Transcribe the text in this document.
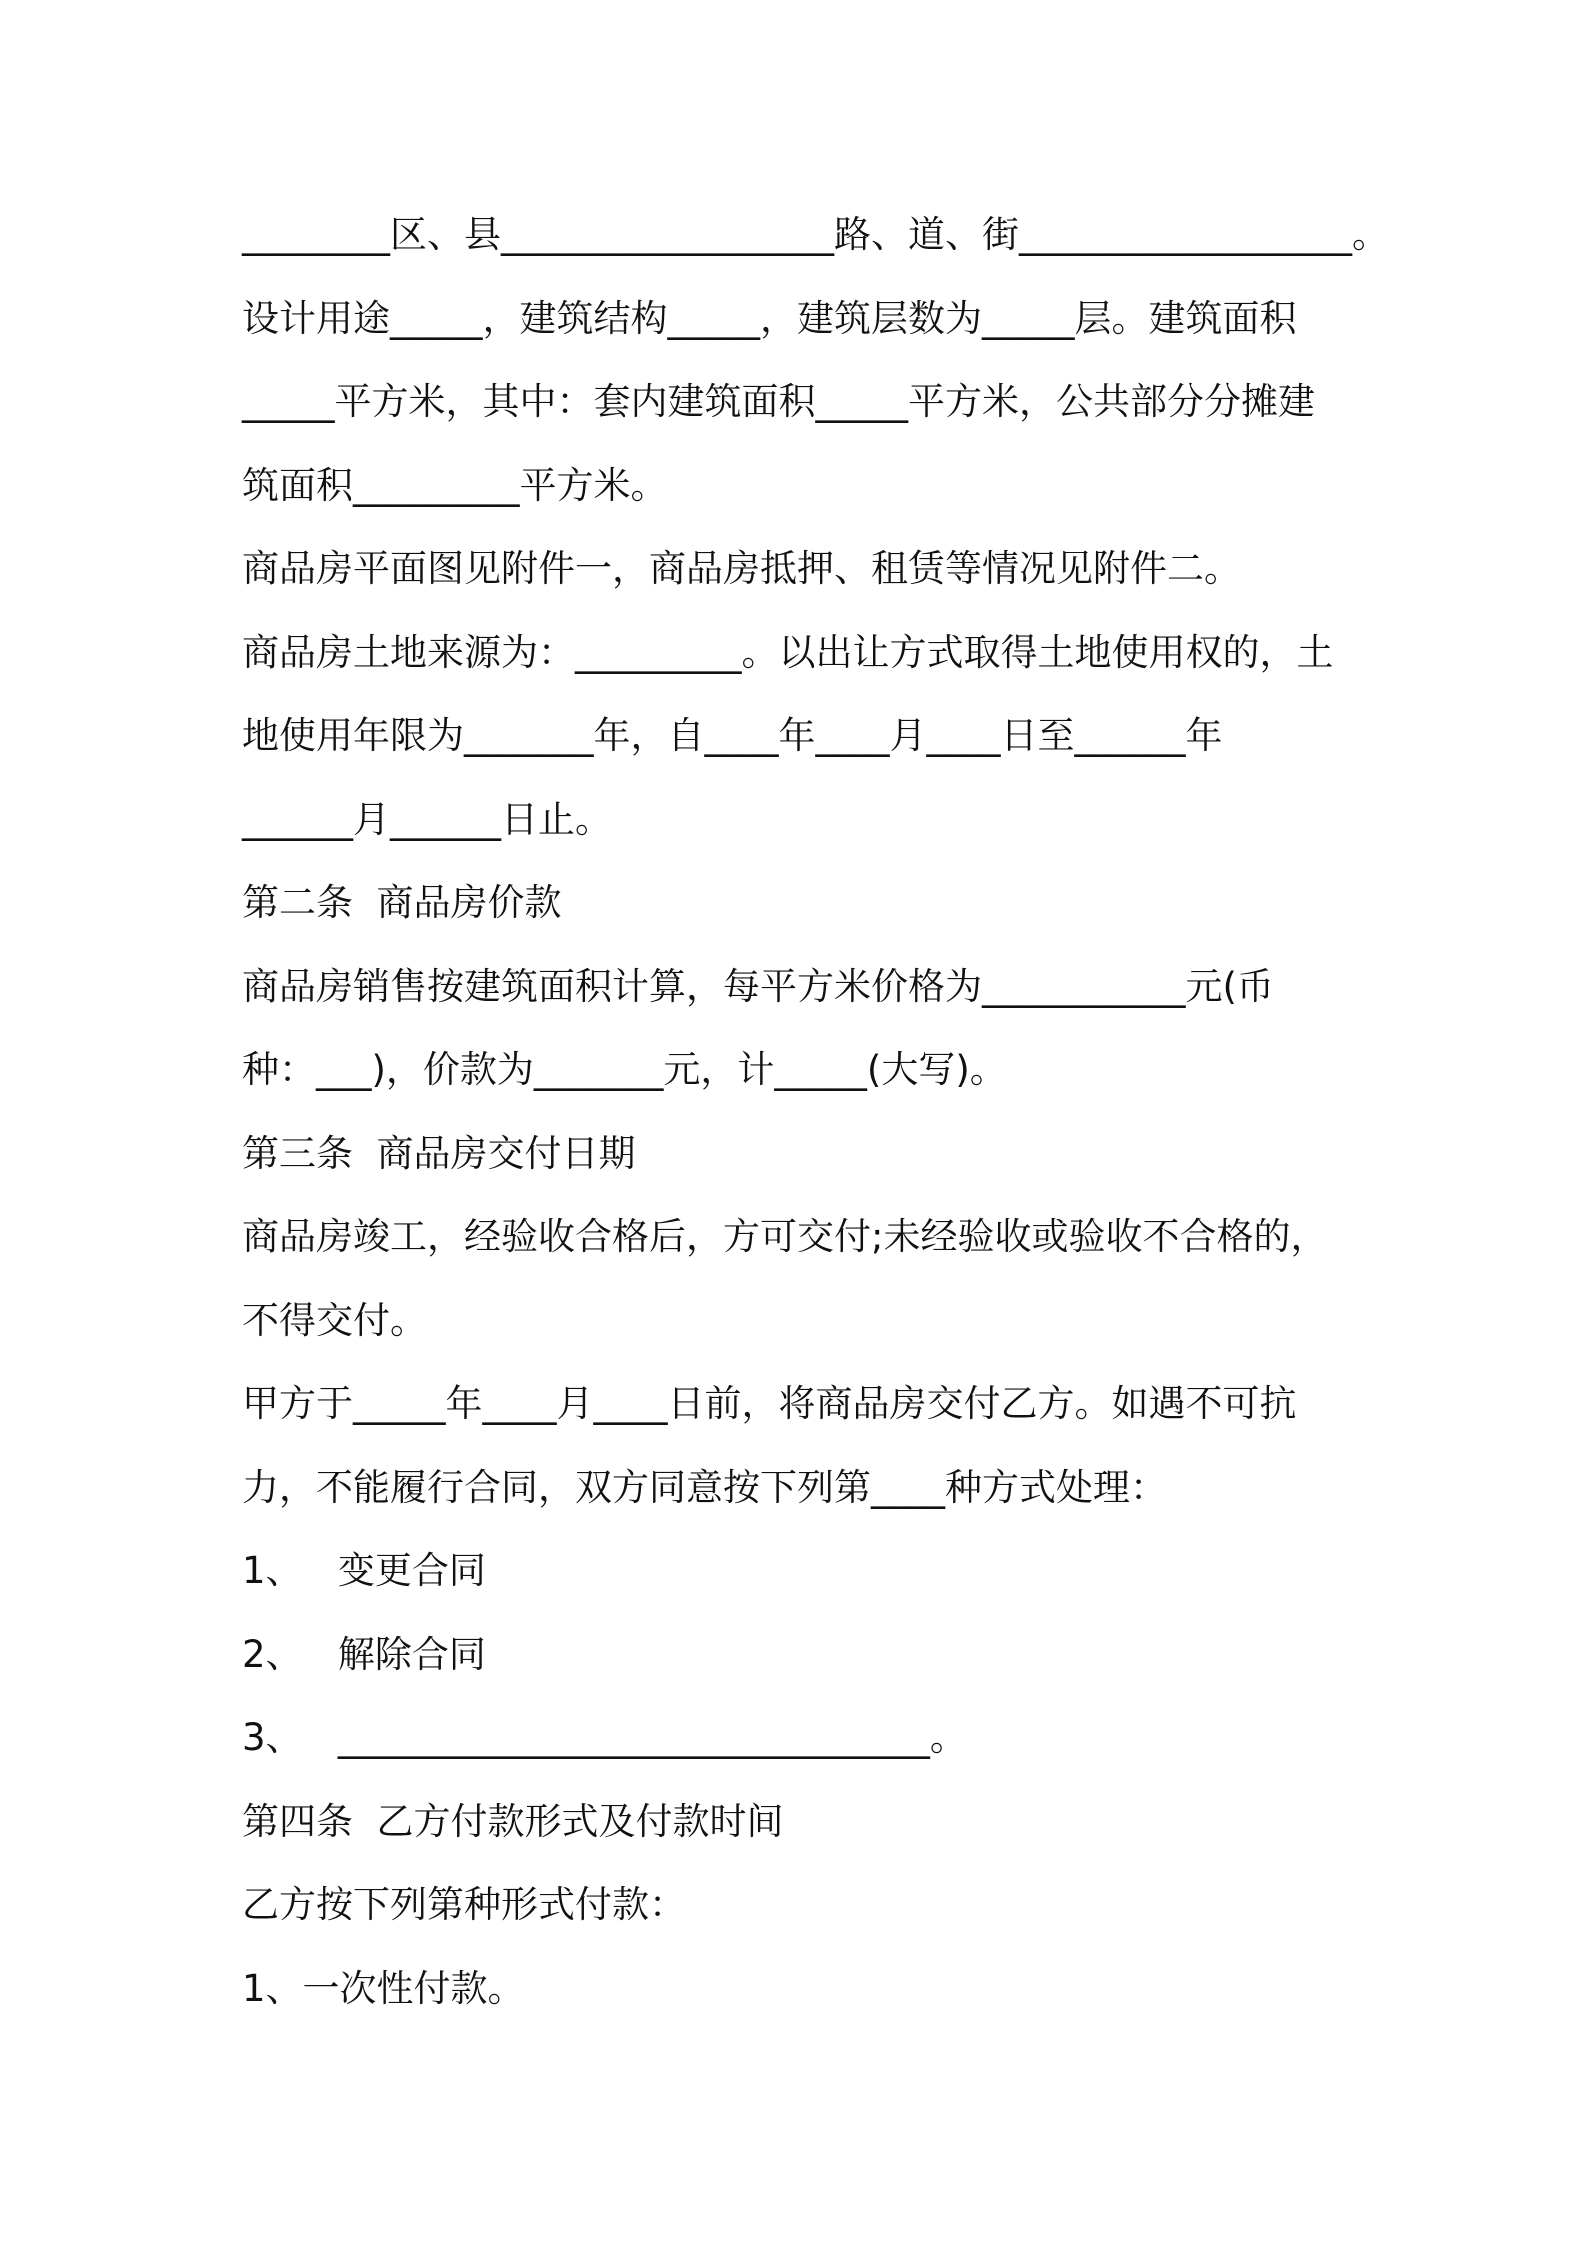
________区、县__________________路、道、街__________________。

设计用途_____，建筑结构_____，建筑层数为_____层。建筑面积

_____平方米，其中：套内建筑面积_____平方米，公共部分分摊建

筑面积_________平方米。

商品房平面图见附件一，商品房抵押、租赁等情况见附件二。

商品房土地来源为：_________。以出让方式取得土地使用权的，土

地使用年限为_______年，自____年____月____日至______年

______月______日止。

第二条  商品房价款

商品房销售按建筑面积计算，每平方米价格为___________元(币

种：___)，价款为_______元，计_____(大写)。

第三条  商品房交付日期

商品房竣工，经验收合格后，方可交付;未经验收或验收不合格的，

不得交付。

甲方于_____年____月____日前，将商品房交付乙方。如遇不可抗

力，不能履行合同，双方同意按下列第____种方式处理：

1、   变更合同

2、   解除合同

3、   ________________________________。

第四条  乙方付款形式及付款时间

乙方按下列第种形式付款：

1、一次性付款。
